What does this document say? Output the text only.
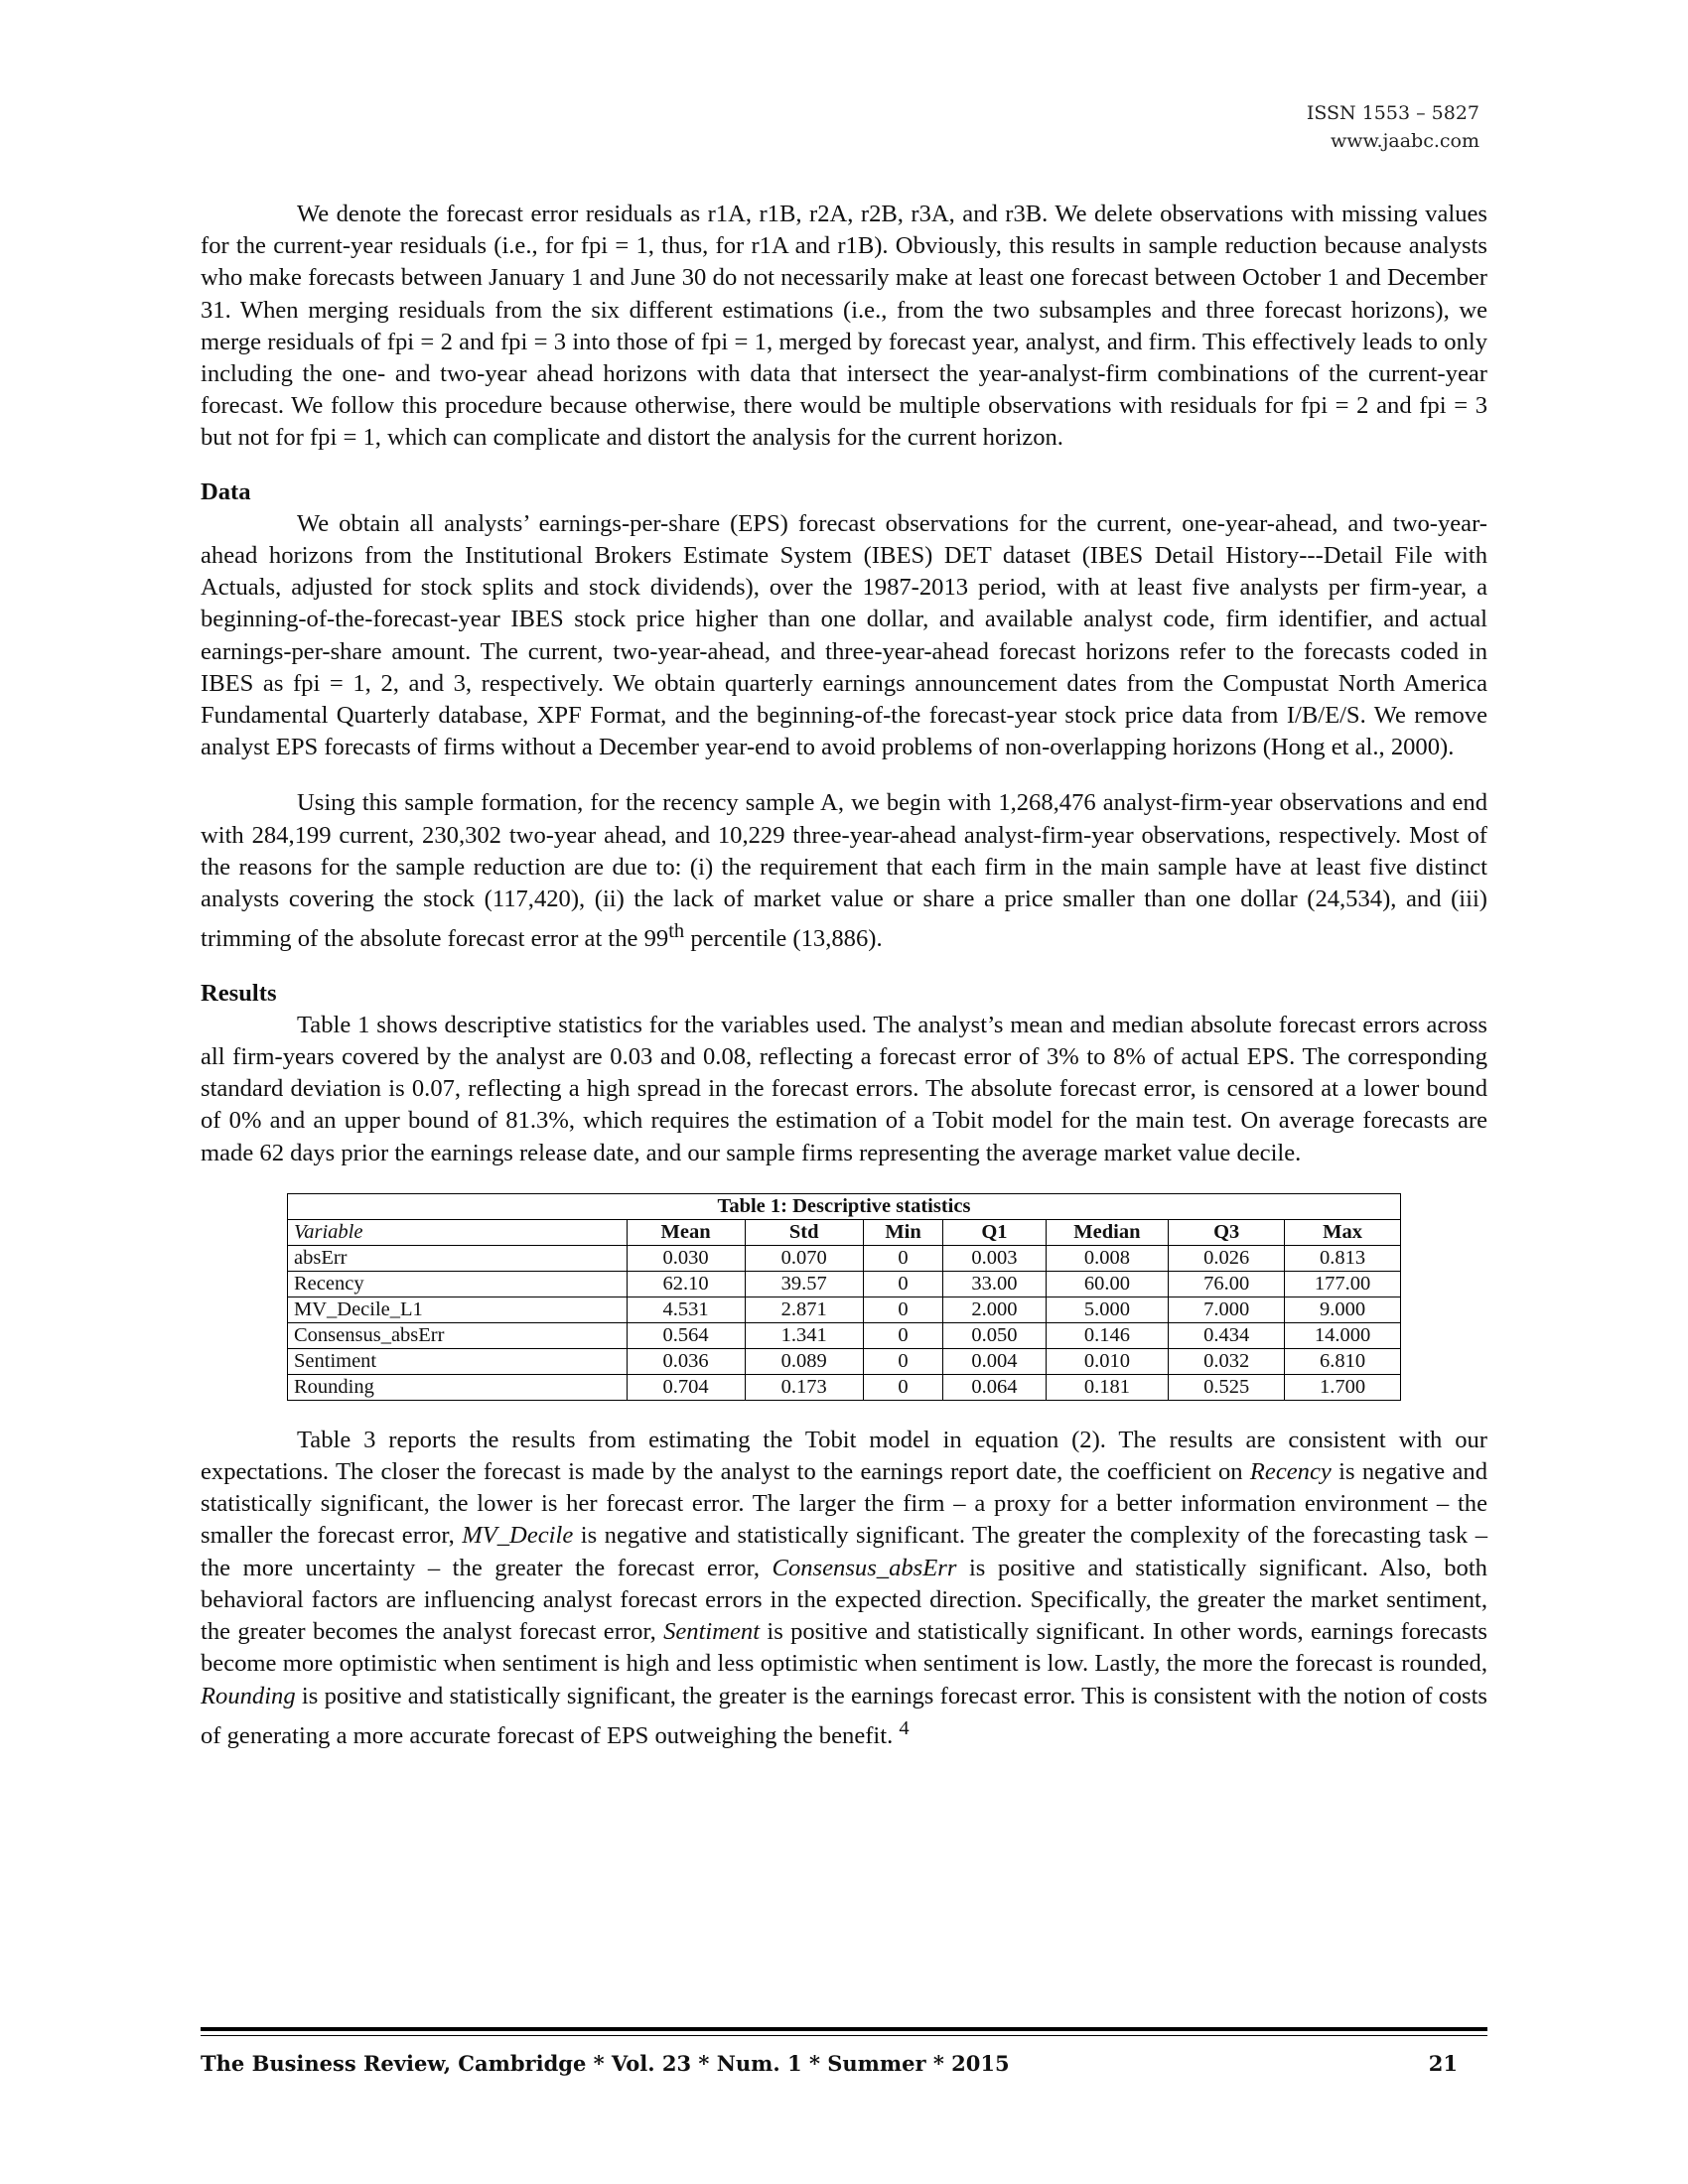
ISSN 1553 – 5827
www.jaabc.com

We denote the forecast error residuals as r1A, r1B, r2A, r2B, r3A, and r3B. We delete observations with missing values for the current-year residuals (i.e., for fpi = 1, thus, for r1A and r1B). Obviously, this results in sample reduction because analysts who make forecasts between January 1 and June 30 do not necessarily make at least one forecast between October 1 and December 31. When merging residuals from the six different estimations (i.e., from the two subsamples and three forecast horizons), we merge residuals of fpi = 2 and fpi = 3 into those of fpi = 1, merged by forecast year, analyst, and firm. This effectively leads to only including the one- and two-year ahead horizons with data that intersect the year-analyst-firm combinations of the current-year forecast. We follow this procedure because otherwise, there would be multiple observations with residuals for fpi = 2 and fpi = 3 but not for fpi = 1, which can complicate and distort the analysis for the current horizon.

Data

We obtain all analysts’ earnings-per-share (EPS) forecast observations for the current, one-year-ahead, and two-year-ahead horizons from the Institutional Brokers Estimate System (IBES) DET dataset (IBES Detail History---Detail File with Actuals, adjusted for stock splits and stock dividends), over the 1987-2013 period, with at least five analysts per firm-year, a beginning-of-the-forecast-year IBES stock price higher than one dollar, and available analyst code, firm identifier, and actual earnings-per-share amount. The current, two-year-ahead, and three-year-ahead forecast horizons refer to the forecasts coded in IBES as fpi = 1, 2, and 3, respectively. We obtain quarterly earnings announcement dates from the Compustat North America Fundamental Quarterly database, XPF Format, and the beginning-of-the forecast-year stock price data from I/B/E/S. We remove analyst EPS forecasts of firms without a December year-end to avoid problems of non-overlapping horizons (Hong et al., 2000).

Using this sample formation, for the recency sample A, we begin with 1,268,476 analyst-firm-year observations and end with 284,199 current, 230,302 two-year ahead, and 10,229 three-year-ahead analyst-firm-year observations, respectively. Most of the reasons for the sample reduction are due to: (i) the requirement that each firm in the main sample have at least five distinct analysts covering the stock (117,420), (ii) the lack of market value or share a price smaller than one dollar (24,534), and (iii) trimming of the absolute forecast error at the 99th percentile (13,886).

Results

Table 1 shows descriptive statistics for the variables used. The analyst’s mean and median absolute forecast errors across all firm-years covered by the analyst are 0.03 and 0.08, reflecting a forecast error of 3% to 8% of actual EPS. The corresponding standard deviation is 0.07, reflecting a high spread in the forecast errors. The absolute forecast error, is censored at a lower bound of 0% and an upper bound of 81.3%, which requires the estimation of a Tobit model for the main test. On average forecasts are made 62 days prior the earnings release date, and our sample firms representing the average market value decile.

Table 1: Descriptive statistics							
Variable	Mean	Std	Min	Q1	Median	Q3	Max
absErr	0.030	0.070	0	0.003	0.008	0.026	0.813
Recency	62.10	39.57	0	33.00	60.00	76.00	177.00
MV_Decile_L1	4.531	2.871	0	2.000	5.000	7.000	9.000
Consensus_absErr	0.564	1.341	0	0.050	0.146	0.434	14.000
Sentiment	0.036	0.089	0	0.004	0.010	0.032	6.810
Rounding	0.704	0.173	0	0.064	0.181	0.525	1.700

Table 3 reports the results from estimating the Tobit model in equation (2). The results are consistent with our expectations. The closer the forecast is made by the analyst to the earnings report date, the coefficient on Recency is negative and statistically significant, the lower is her forecast error. The larger the firm – a proxy for a better information environment – the smaller the forecast error, MV_Decile is negative and statistically significant. The greater the complexity of the forecasting task – the more uncertainty – the greater the forecast error, Consensus_absErr is positive and statistically significant. Also, both behavioral factors are influencing analyst forecast errors in the expected direction. Specifically, the greater the market sentiment, the greater becomes the analyst forecast error, Sentiment is positive and statistically significant. In other words, earnings forecasts become more optimistic when sentiment is high and less optimistic when sentiment is low. Lastly, the more the forecast is rounded, Rounding is positive and statistically significant, the greater is the earnings forecast error. This is consistent with the notion of costs of generating a more accurate forecast of EPS outweighing the benefit. $^4$

The Business Review, Cambridge * Vol. 23 * Num. 1 * Summer * 2015	21
